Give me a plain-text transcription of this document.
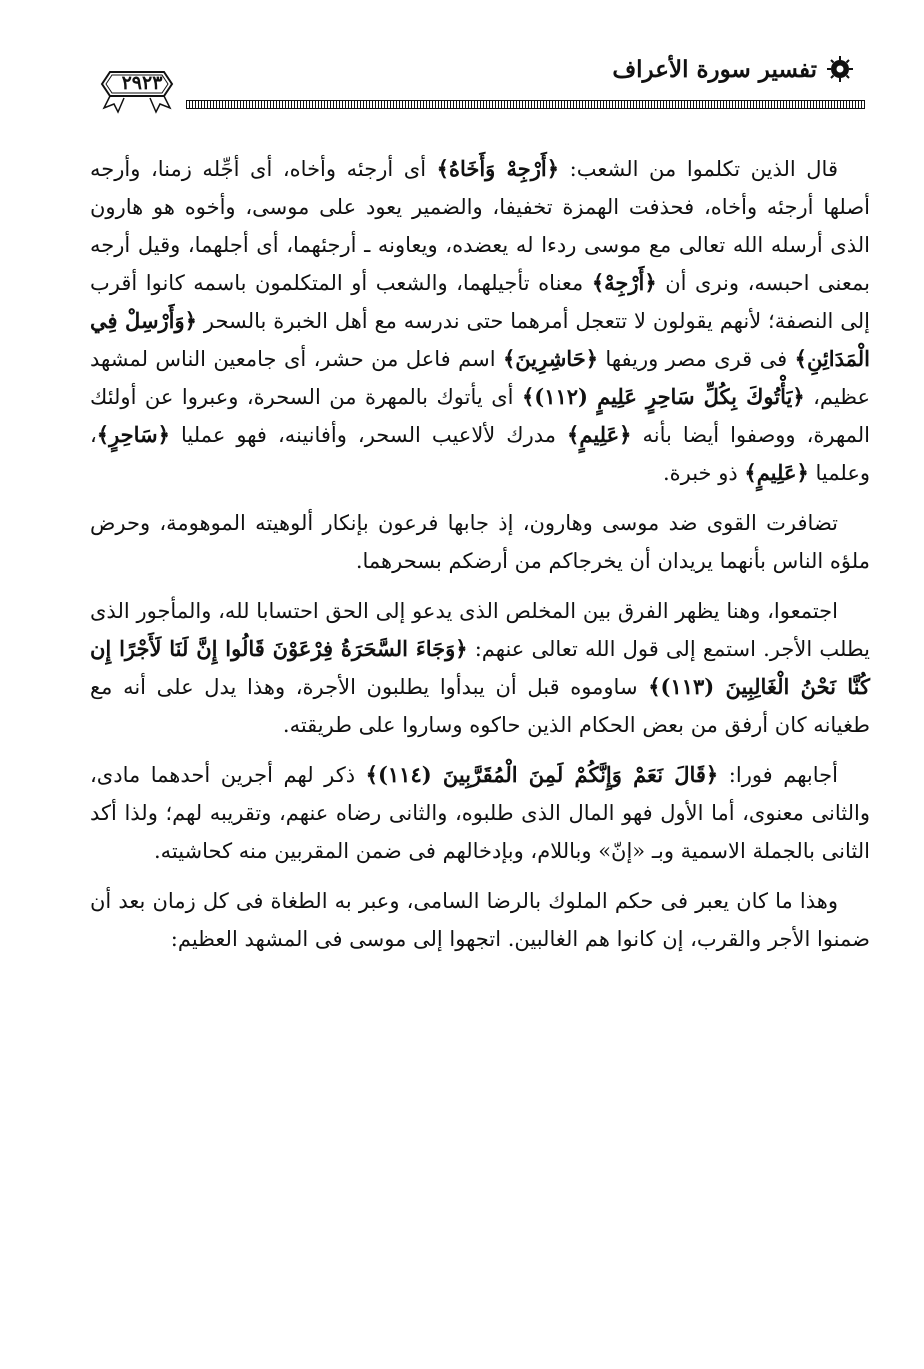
تفسير سورة الأعراف
٢٩٢٣

قال الذين تكلموا من الشعب: ﴿أَرْجِهْ وَأَخَاهُ﴾ أى أرجئه وأخاه، أى أجِّله زمنا، وأرجه أصلها أرجئه وأخاه، فحذفت الهمزة تخفيفا، والضمير يعود على موسى، وأخوه هو هارون الذى أرسله الله تعالى مع موسى ردءا له يعضده، ويعاونه ـ أرجئهما، أى أجلهما، وقيل أرجه بمعنى احبسه، ونرى أن ﴿أَرْجِهْ﴾ معناه تأجيلهما، والشعب أو المتكلمون باسمه كانوا أقرب إلى النصفة؛ لأنهم يقولون لا تتعجل أمرهما حتى ندرسه مع أهل الخبرة بالسحر ﴿وَأَرْسِلْ فِي الْمَدَائِنِ﴾ فى قرى مصر وريفها ﴿حَاشِرِينَ﴾ اسم فاعل من حشر، أى جامعين الناس لمشهد عظيم، ﴿يَأْتُوكَ بِكُلِّ سَاحِرٍ عَلِيمٍ (١١٢)﴾ أى يأتوك بالمهرة من السحرة، وعبروا عن أولئك المهرة، ووصفوا أيضا بأنه ﴿عَلِيمٍ﴾ مدرك لألاعيب السحر، وأفانينه، فهو عمليا ﴿سَاحِرٍ﴾، وعلميا ﴿عَلِيمٍ﴾ ذو خبرة.

تضافرت القوى ضد موسى وهارون، إذ جابها فرعون بإنكار ألوهيته الموهومة، وحرض ملؤه الناس بأنهما يريدان أن يخرجاكم من أرضكم بسحرهما.

اجتمعوا، وهنا يظهر الفرق بين المخلص الذى يدعو إلى الحق احتسابا لله، والمأجور الذى يطلب الأجر. استمع إلى قول الله تعالى عنهم: ﴿وَجَاءَ السَّحَرَةُ فِرْعَوْنَ قَالُوا إِنَّ لَنَا لَأَجْرًا إِن كُنَّا نَحْنُ الْغَالِبِينَ (١١٣)﴾ ساوموه قبل أن يبدأوا يطلبون الأجرة، وهذا يدل على أنه مع طغيانه كان أرفق من بعض الحكام الذين حاكوه وساروا على طريقته.

أجابهم فورا: ﴿قَالَ نَعَمْ وَإِنَّكُمْ لَمِنَ الْمُقَرَّبِينَ (١١٤)﴾ ذكر لهم أجرين أحدهما مادى، والثانى معنوى، أما الأول فهو المال الذى طلبوه، والثانى رضاه عنهم، وتقريبه لهم؛ ولذا أكد الثانى بالجملة الاسمية وبـ «إنّ» وباللام، وبإدخالهم فى ضمن المقربين منه كحاشيته.

وهذا ما كان يعبر فى حكم الملوك بالرضا السامى، وعبر به الطغاة فى كل زمان بعد أن ضمنوا الأجر والقرب، إن كانوا هم الغالبين. اتجهوا إلى موسى فى المشهد العظيم:
